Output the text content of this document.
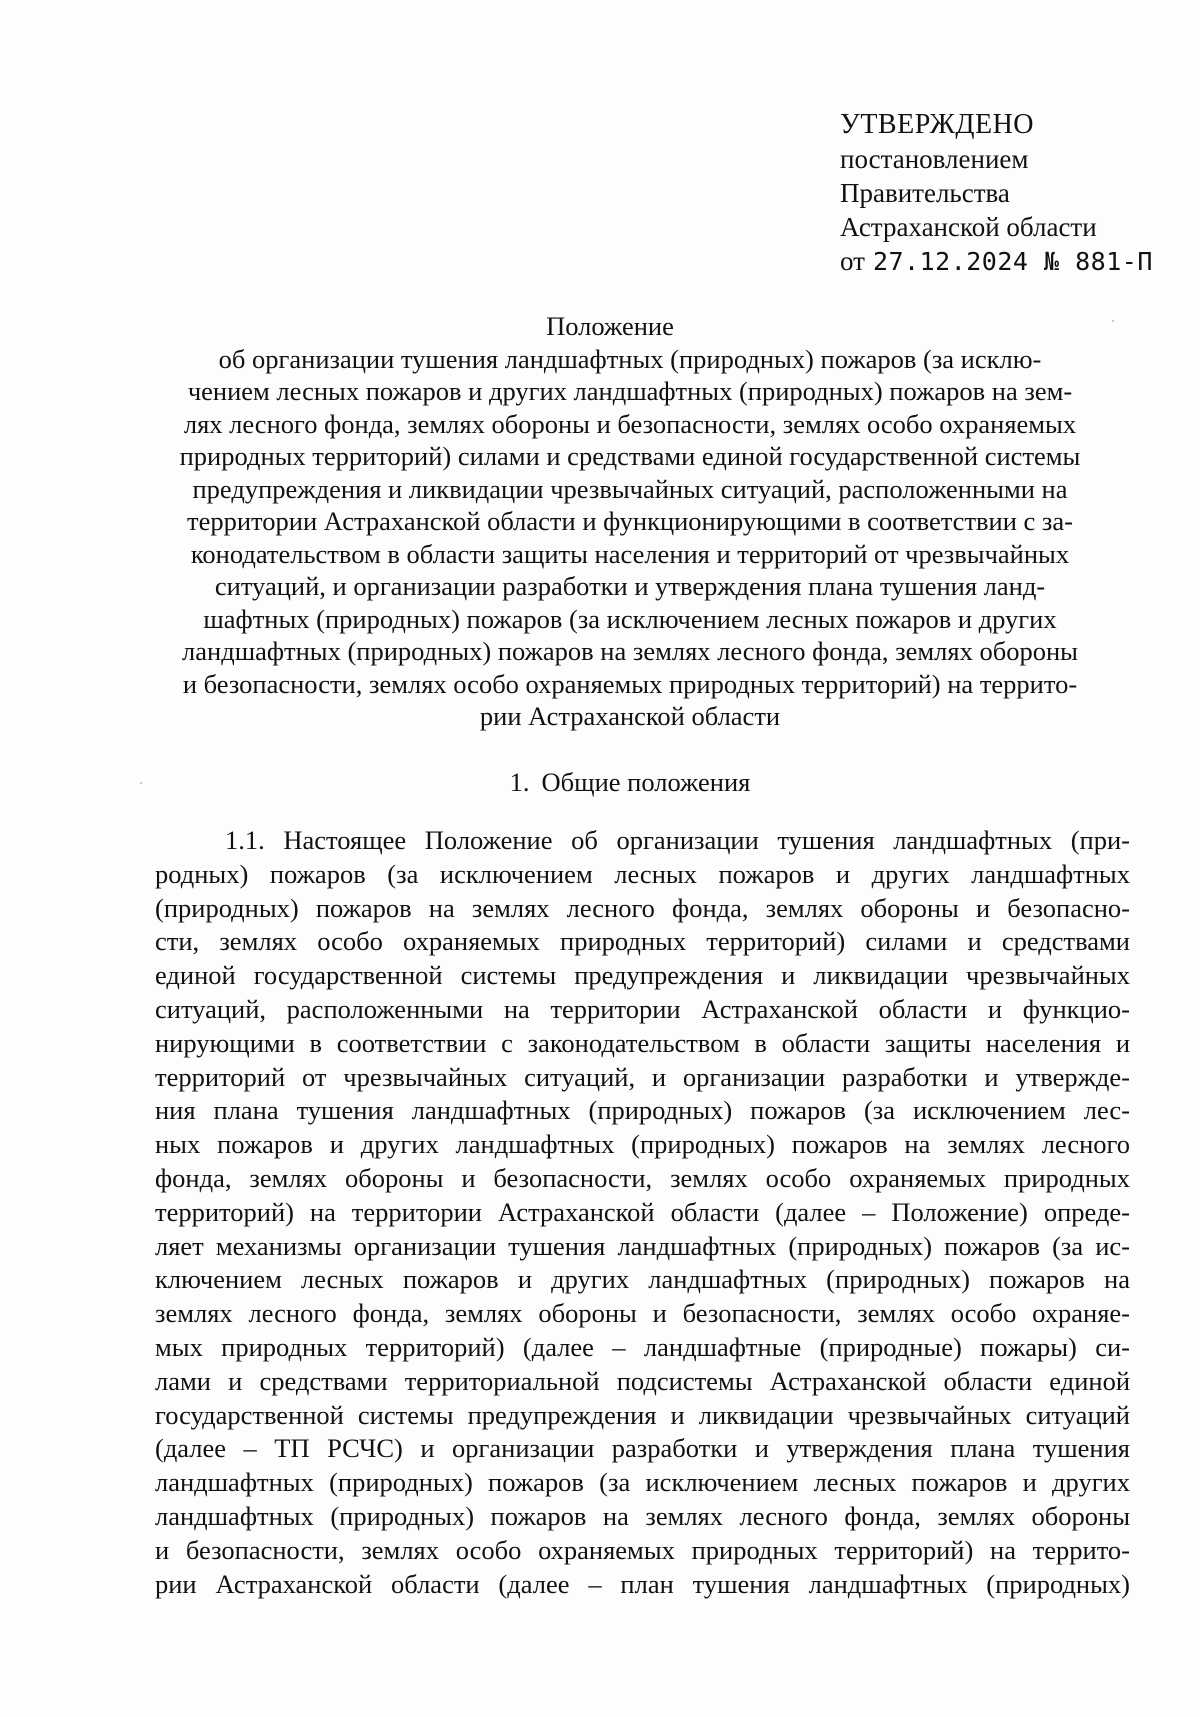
УТВЕРЖДЕНО
постановлением
Правительства
Астраханской области
от 27.12.2024 № 881-П
Положение
об организации тушения ландшафтных (природных) пожаров (за исклю-
чением лесных пожаров и других ландшафтных (природных) пожаров на зем-
лях лесного фонда, землях обороны и безопасности, землях особо охраняемых
природных территорий) силами и средствами единой государственной системы
предупреждения и ликвидации чрезвычайных ситуаций, расположенными на
территории Астраханской области и функционирующими в соответствии с за-
конодательством в области защиты населения и территорий от чрезвычайных
ситуаций, и организации разработки и утверждения плана тушения ланд-
шафтных (природных) пожаров (за исключением лесных пожаров и других
ландшафтных (природных) пожаров на землях лесного фонда, землях обороны
и безопасности, землях особо охраняемых природных территорий) на террито-
рии Астраханской области
1. Общие положения
1.1. Настоящее Положение об организации тушения ландшафтных (при-
родных) пожаров (за исключением лесных пожаров и других ландшафтных
(природных) пожаров на землях лесного фонда, землях обороны и безопасно-
сти, землях особо охраняемых природных территорий) силами и средствами
единой государственной системы предупреждения и ликвидации чрезвычайных
ситуаций, расположенными на территории Астраханской области и функцио-
нирующими в соответствии с законодательством в области защиты населения и
территорий от чрезвычайных ситуаций, и организации разработки и утвержде-
ния плана тушения ландшафтных (природных) пожаров (за исключением лес-
ных пожаров и других ландшафтных (природных) пожаров на землях лесного
фонда, землях обороны и безопасности, землях особо охраняемых природных
территорий) на территории Астраханской области (далее – Положение) опреде-
ляет механизмы организации тушения ландшафтных (природных) пожаров (за ис-
ключением лесных пожаров и других ландшафтных (природных) пожаров на
землях лесного фонда, землях обороны и безопасности, землях особо охраняе-
мых природных территорий) (далее – ландшафтные (природные) пожары) си-
лами и средствами территориальной подсистемы Астраханской области единой
государственной системы предупреждения и ликвидации чрезвычайных ситуаций
(далее – ТП РСЧС) и организации разработки и утверждения плана тушения
ландшафтных (природных) пожаров (за исключением лесных пожаров и других
ландшафтных (природных) пожаров на землях лесного фонда, землях обороны
и безопасности, землях особо охраняемых природных территорий) на террито-
рии Астраханской области (далее – план тушения ландшафтных (природных)
